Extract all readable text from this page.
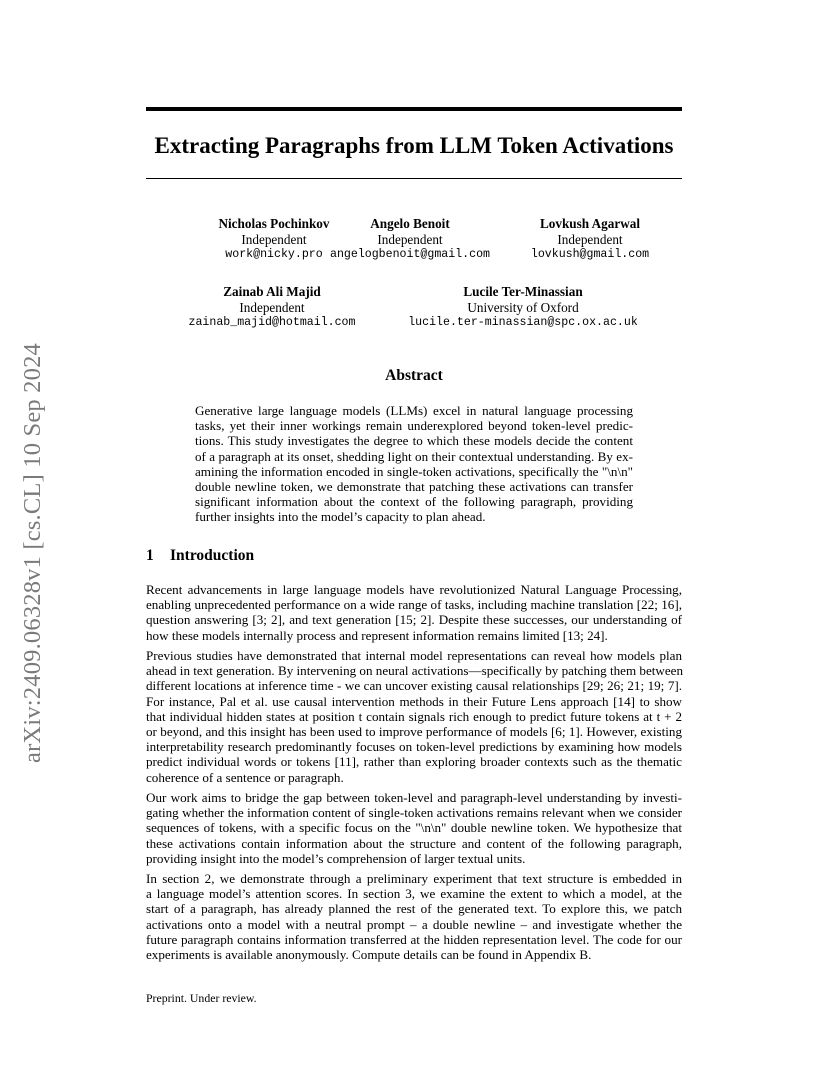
Extracting Paragraphs from LLM Token Activations
arXiv:2409.06328v1 [cs.CL] 10 Sep 2024
Nicholas Pochinkov
Independent
work@nicky.pro
Angelo Benoit
Independent
angelogbenoit@gmail.com
Lovkush Agarwal
Independent
lovkush@gmail.com
Zainab Ali Majid
Independent
zainab_majid@hotmail.com
Lucile Ter-Minassian
University of Oxford
lucile.ter-minassian@spc.ox.ac.uk
Abstract
Generative large language models (LLMs) excel in natural language processing
tasks, yet their inner workings remain underexplored beyond token-level predic-
tions. This study investigates the degree to which these models decide the content
of a paragraph at its onset, shedding light on their contextual understanding. By ex-
amining the information encoded in single-token activations, specifically the "\n\n"
double newline token, we demonstrate that patching these activations can transfer
significant information about the context of the following paragraph, providing
further insights into the model’s capacity to plan ahead.
1 Introduction
Recent advancements in large language models have revolutionized Natural Language Processing,
enabling unprecedented performance on a wide range of tasks, including machine translation [22; 16],
question answering [3; 2], and text generation [15; 2]. Despite these successes, our understanding of
how these models internally process and represent information remains limited [13; 24].
Previous studies have demonstrated that internal model representations can reveal how models plan
ahead in text generation. By intervening on neural activations—specifically by patching them between
different locations at inference time - we can uncover existing causal relationships [29; 26; 21; 19; 7].
For instance, Pal et al. use causal intervention methods in their Future Lens approach [14] to show
that individual hidden states at position t contain signals rich enough to predict future tokens at t + 2
or beyond, and this insight has been used to improve performance of models [6; 1]. However, existing
interpretability research predominantly focuses on token-level predictions by examining how models
predict individual words or tokens [11], rather than exploring broader contexts such as the thematic
coherence of a sentence or paragraph.
Our work aims to bridge the gap between token-level and paragraph-level understanding by investi-
gating whether the information content of single-token activations remains relevant when we consider
sequences of tokens, with a specific focus on the "\n\n" double newline token. We hypothesize that
these activations contain information about the structure and content of the following paragraph,
providing insight into the model’s comprehension of larger textual units.
In section 2, we demonstrate through a preliminary experiment that text structure is embedded in
a language model’s attention scores. In section 3, we examine the extent to which a model, at the
start of a paragraph, has already planned the rest of the generated text. To explore this, we patch
activations onto a model with a neutral prompt – a double newline – and investigate whether the
future paragraph contains information transferred at the hidden representation level. The code for our
experiments is available anonymously. Compute details can be found in Appendix B.
Preprint. Under review.
